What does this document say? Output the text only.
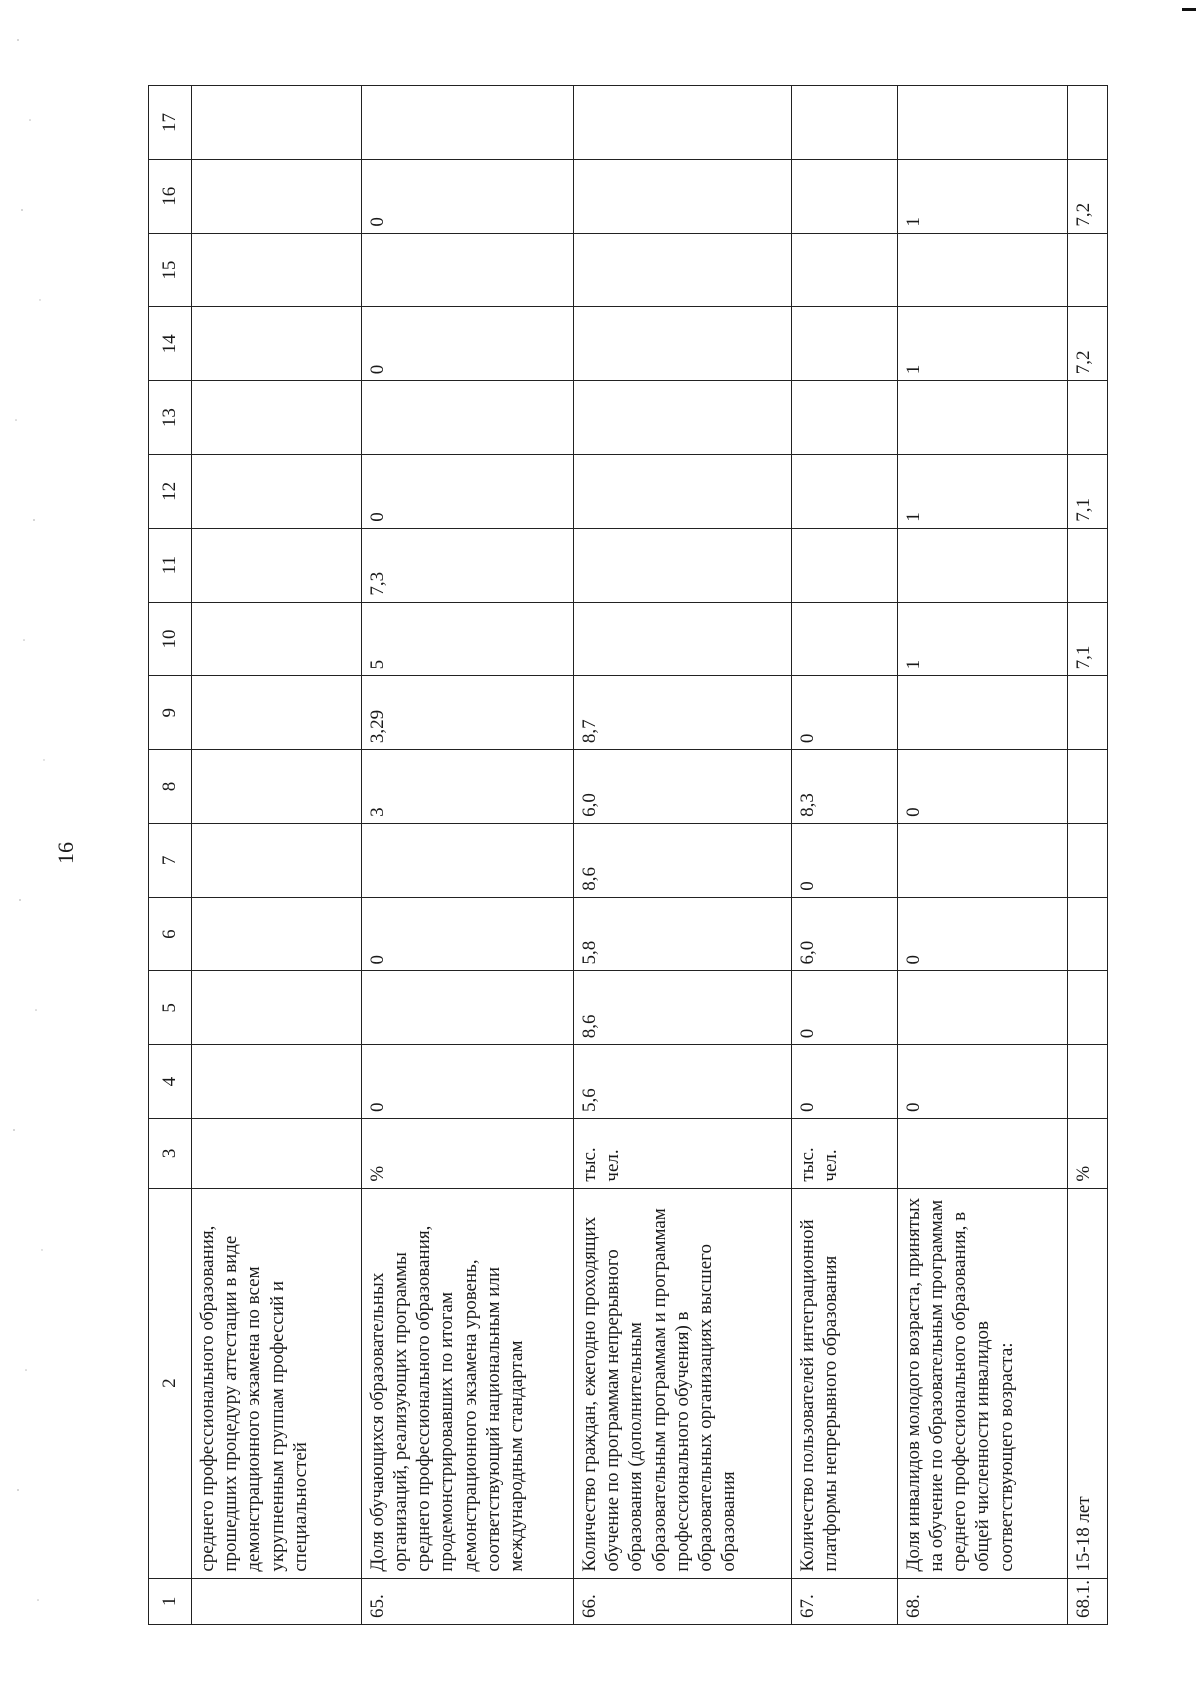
16
1	2	3	4	5	6	7	8	9	10	11	12	13	14	15	16	17
	среднего профессионального образования, прошедших процедуру аттестации в виде демонстрационного экзамена по всем укрупненным группам профессий и специальностей															
65.	Доля обучающихся образовательных организаций, реализующих программы среднего профессионального образования, продемонстрировавших по итогам демонстрационного экзамена уровень, соответствующий национальным или международным стандартам	%	0		0		3	3,29	5	7,3	0		0		0	
66.	Количество граждан, ежегодно проходящих обучение по программам непрерывного образования (дополнительным образовательным программам и программам профессионального обучения) в образовательных организациях высшего образования	тыс. чел.	5,6	8,6	5,8	8,6	6,0	8,7								
67.	Количество пользователей интеграционной платформы непрерывного образования	тыс. чел.	0	0	6,0	0	8,3	0								
68.	Доля инвалидов молодого возраста, принятых на обучение по образовательным программам среднего профессионального образования, в общей численности инвалидов соответствующего возраста:		0		0		0		1		1		1		1	
68.1.	15-18 лет	%							7,1		7,1		7,2		7,2	
